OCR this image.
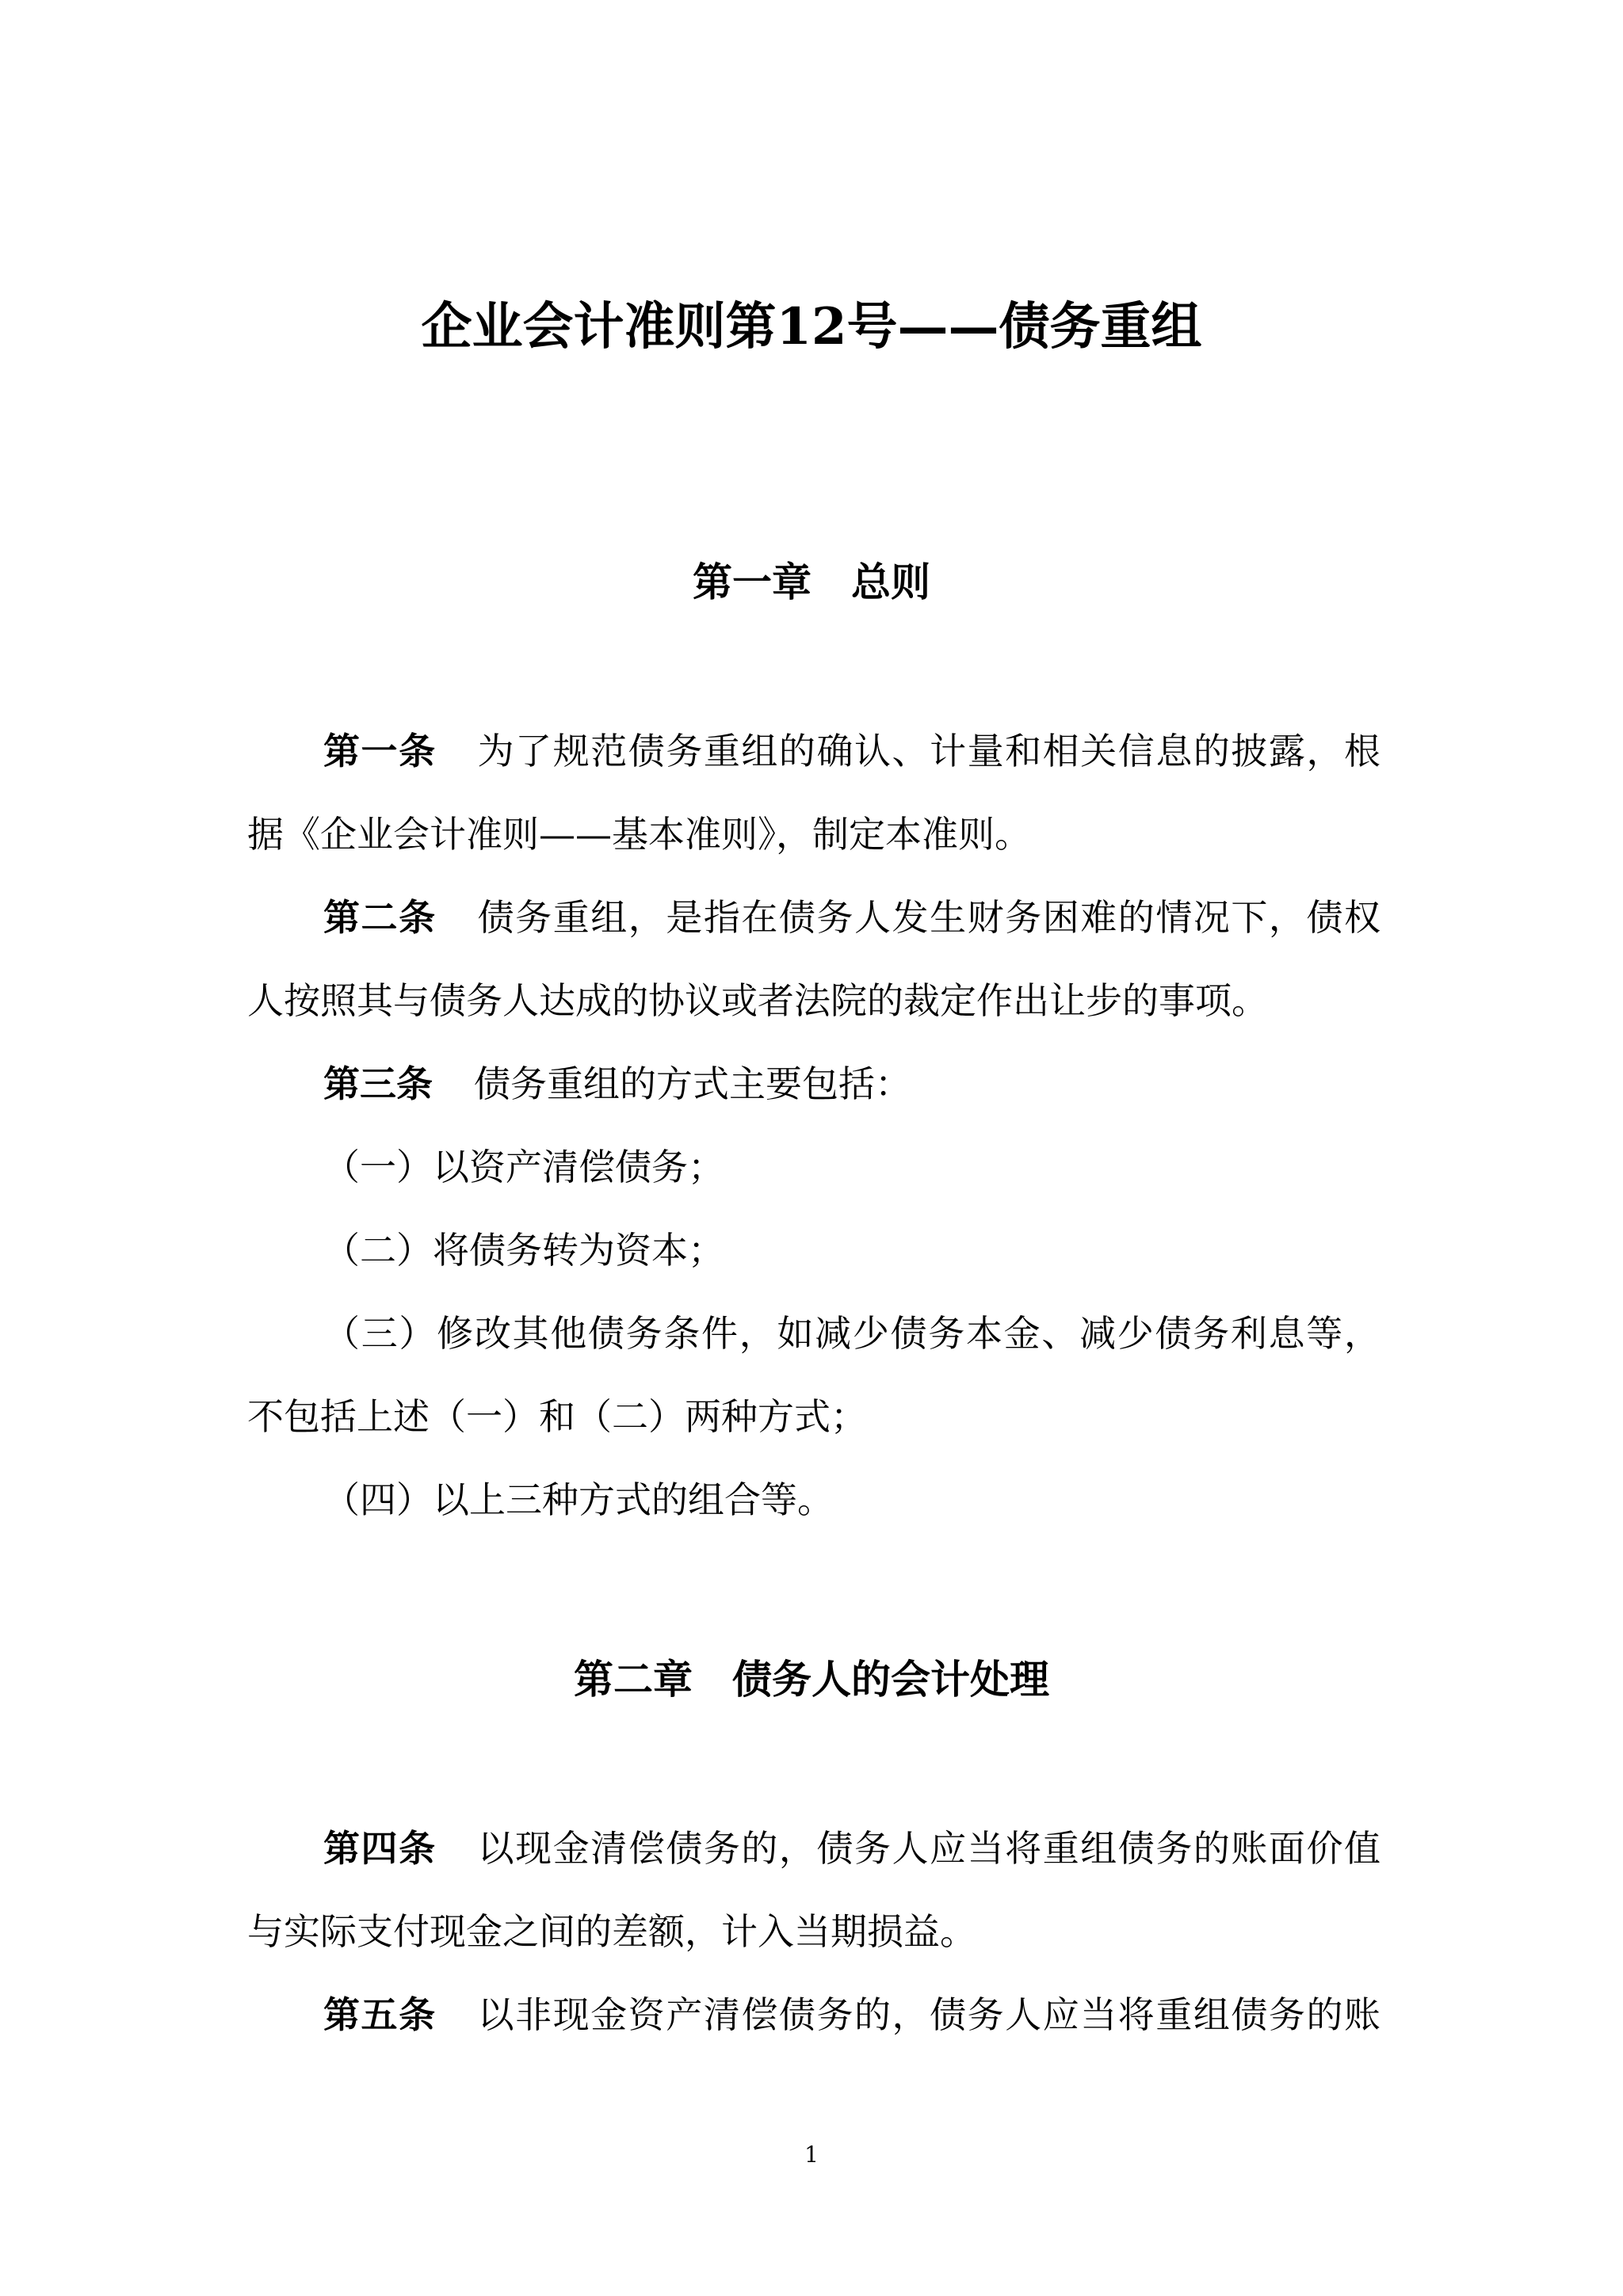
企业会计准则第12号——债务重组
第一章　总则

第一条 为了规范债务重组的确认、计量和相关信息的披露，根

据《企业会计准则——基本准则》，制定本准则。

第二条 债务重组，是指在债务人发生财务困难的情况下，债权

人按照其与债务人达成的协议或者法院的裁定作出让步的事项。

第三条 债务重组的方式主要包括：

（一）以资产清偿债务；

（二）将债务转为资本；

（三）修改其他债务条件，如减少债务本金、减少债务利息等，

不包括上述（一）和（二）两种方式；

（四）以上三种方式的组合等。

第二章　债务人的会计处理

第四条 以现金清偿债务的，债务人应当将重组债务的账面价值

与实际支付现金之间的差额，计入当期损益。

第五条 以非现金资产清偿债务的，债务人应当将重组债务的账

1
